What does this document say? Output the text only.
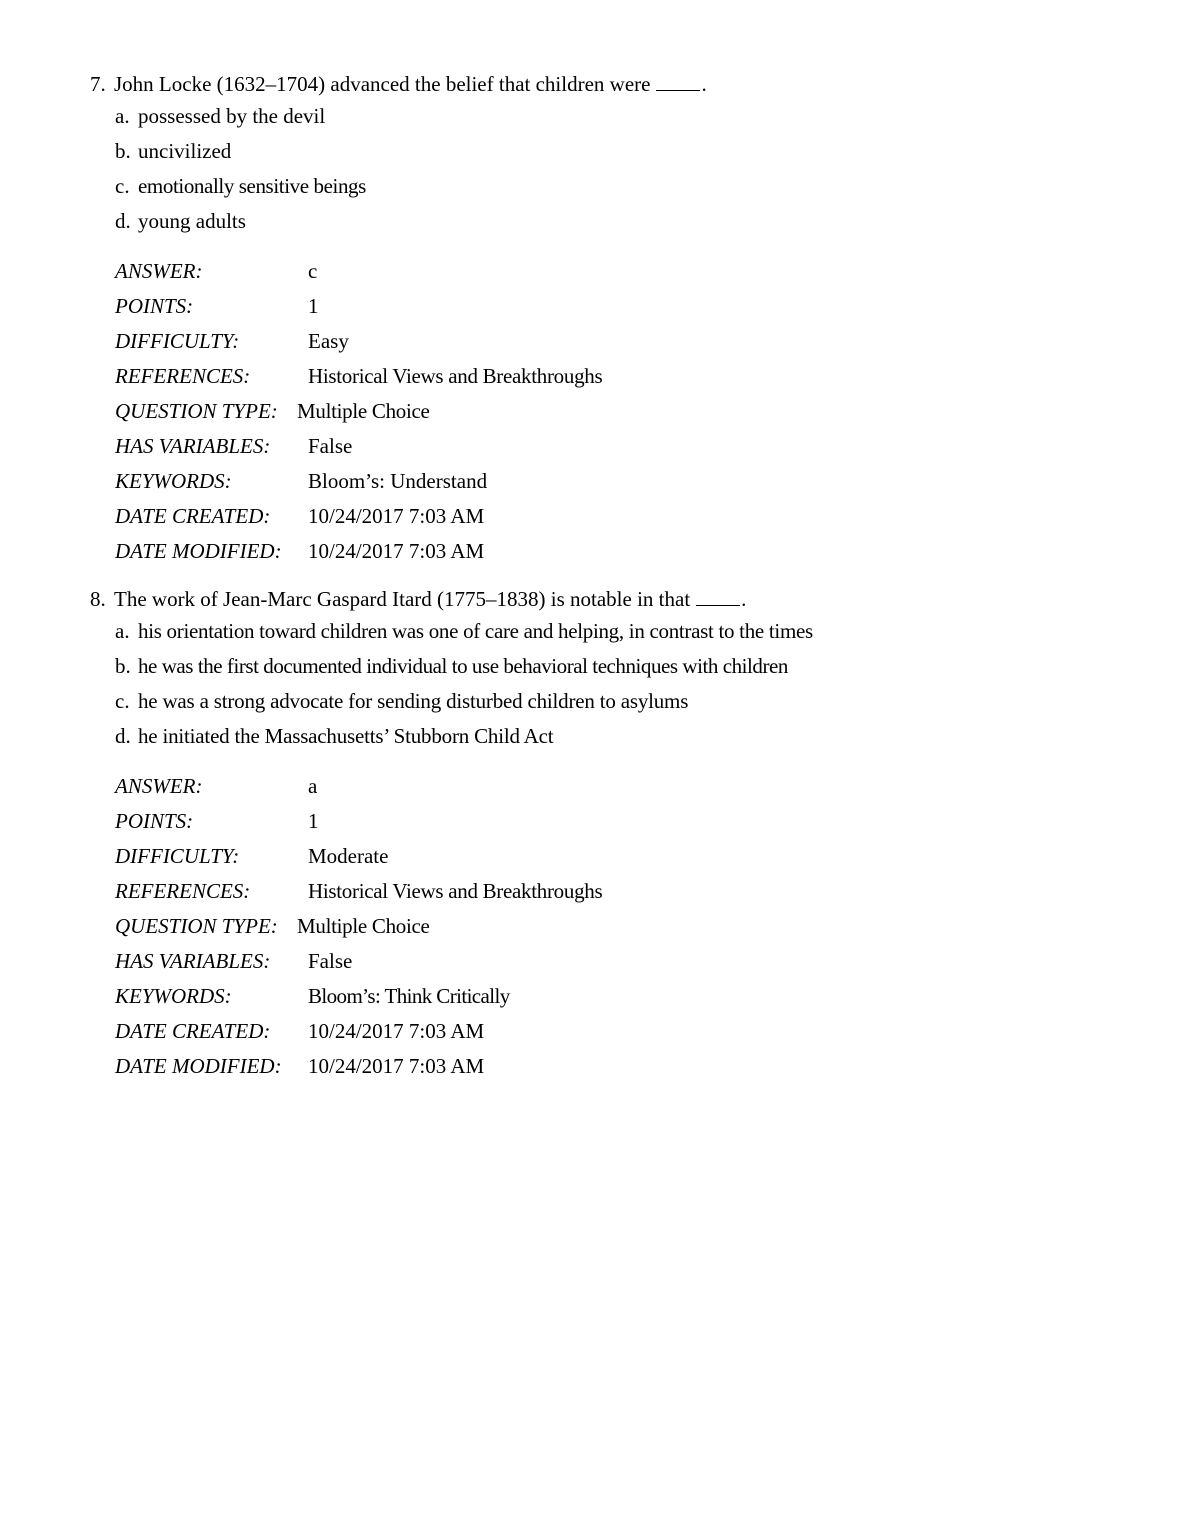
7. John Locke (1632–1704) advanced the belief that children were .
a. possessed by the devil
b. uncivilized
c. emotionally sensitive beings
d. young adults
ANSWER:	c
POINTS:	1
DIFFICULTY:	Easy
REFERENCES:	Historical Views and Breakthroughs
QUESTION TYPE: Multiple Choice
HAS VARIABLES: False
KEYWORDS:	Bloom’s: Understand
DATE CREATED: 10/24/2017 7:03 AM
DATE MODIFIED: 10/24/2017 7:03 AM
8. The work of Jean-Marc Gaspard Itard (1775–1838) is notable in that .
a. his orientation toward children was one of care and helping, in contrast to the times
b. he was the first documented individual to use behavioral techniques with children
c. he was a strong advocate for sending disturbed children to asylums
d. he initiated the Massachusetts’ Stubborn Child Act
ANSWER:	a
POINTS:	1
DIFFICULTY:	Moderate
REFERENCES:	Historical Views and Breakthroughs
QUESTION TYPE: Multiple Choice
HAS VARIABLES: False
KEYWORDS:	Bloom’s: Think Critically
DATE CREATED: 10/24/2017 7:03 AM
DATE MODIFIED: 10/24/2017 7:03 AM
